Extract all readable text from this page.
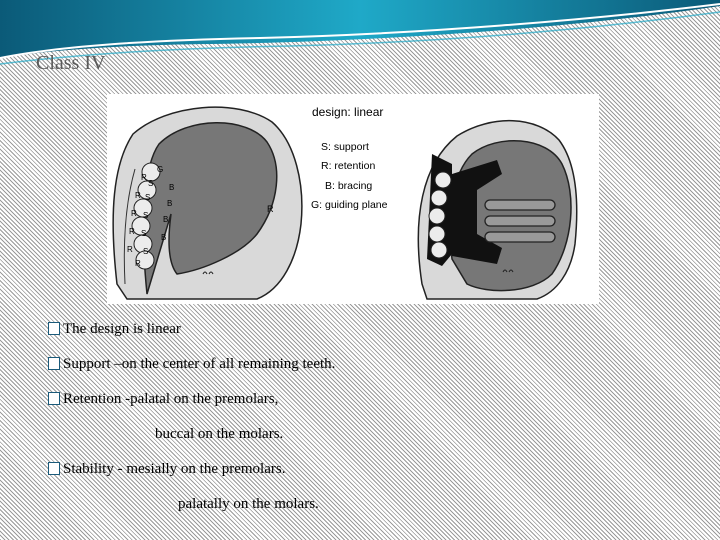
Class IV
G
S B
B
B
B
R
R
R
R
R
R
S
S
S
S
R
design: linear
S: support
R: retention
B: bracing
G: guiding plane
The design is linear
Support –on the center of all remaining teeth.
Retention -palatal on the premolars,
buccal on the molars.
Stability - mesially on the premolars.
palatally on the molars.
